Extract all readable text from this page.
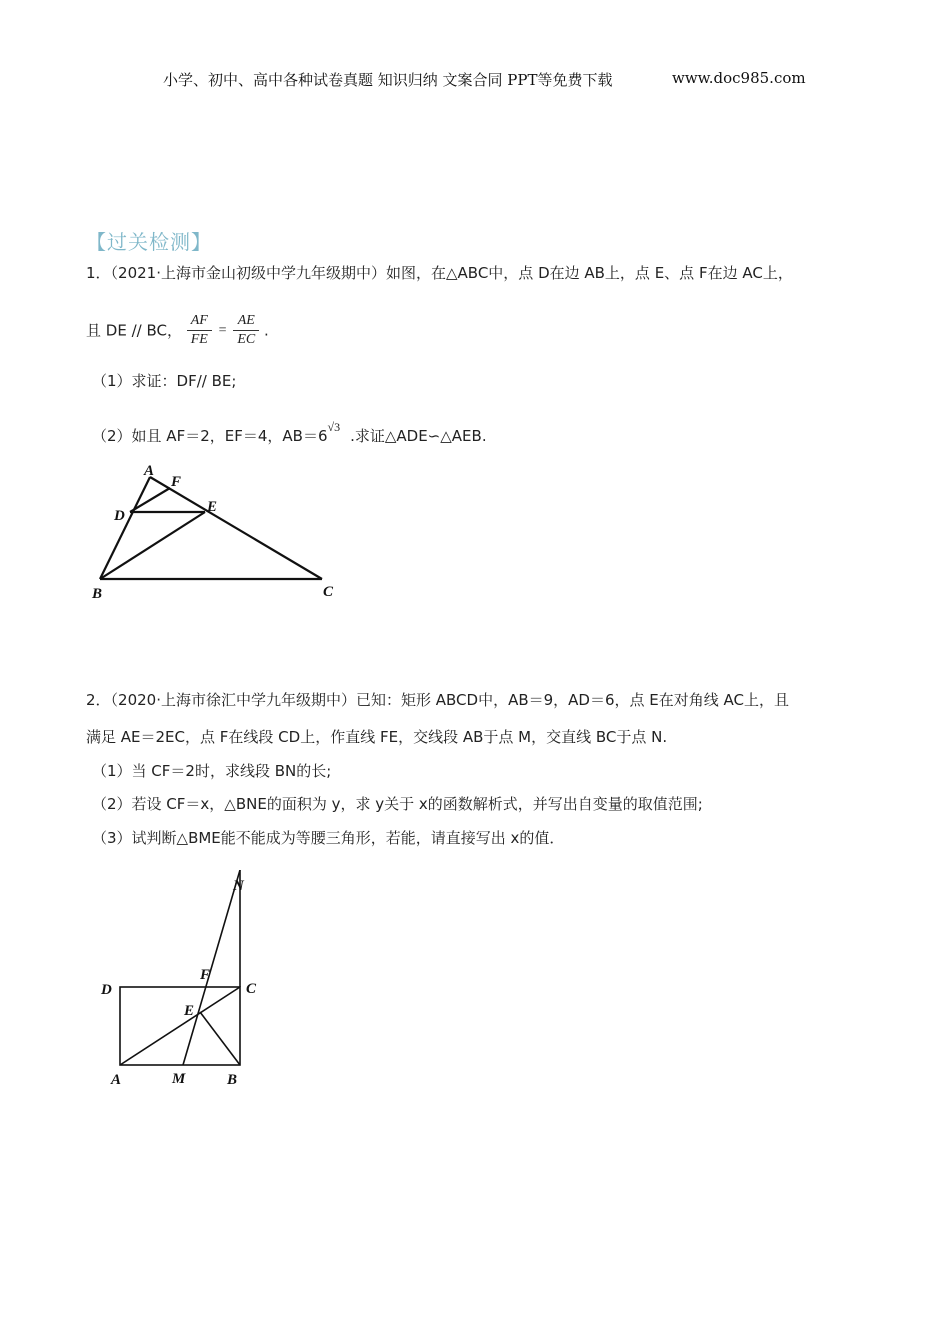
小学、初中、高中各种试卷真题 知识归纳 文案合同 PPT等免费下载	www.doc985.com
【过关检测】
1．（2021·上海市金山初级中学九年级期中）如图，在△ABC中，点 D在边 AB上，点 E、点 F在边 AC上，
且 DE // BC， $\frac{AF}{FE} = \frac{AE}{EC}$ .
（1）求证：DF// BE;
（2）如且 AF＝2，EF＝4，$AB=6^{√3}$ .求证△ADE∽△AEB.
A
F
D
E
B	C
2．（2020·上海市徐汇中学九年级期中）已知：矩形 ABCD中，AB＝9，AD＝6，点 E在对角线 AC上，且
满足 AE＝2EC，点 F在线段 CD上，作直线 FE，交线段 AB于点 M，交直线 BC于点 N.
（1）当 CF＝2时，求线段 BN的长;
（2）若设 CF＝x，△BNE的面积为 y，求 y关于 x的函数解析式，并写出自变量的取值范围;
（3）试判断△BME能不能成为等腰三角形，若能，请直接写出 x的值．
N
F
D	C
E
A	M	B
